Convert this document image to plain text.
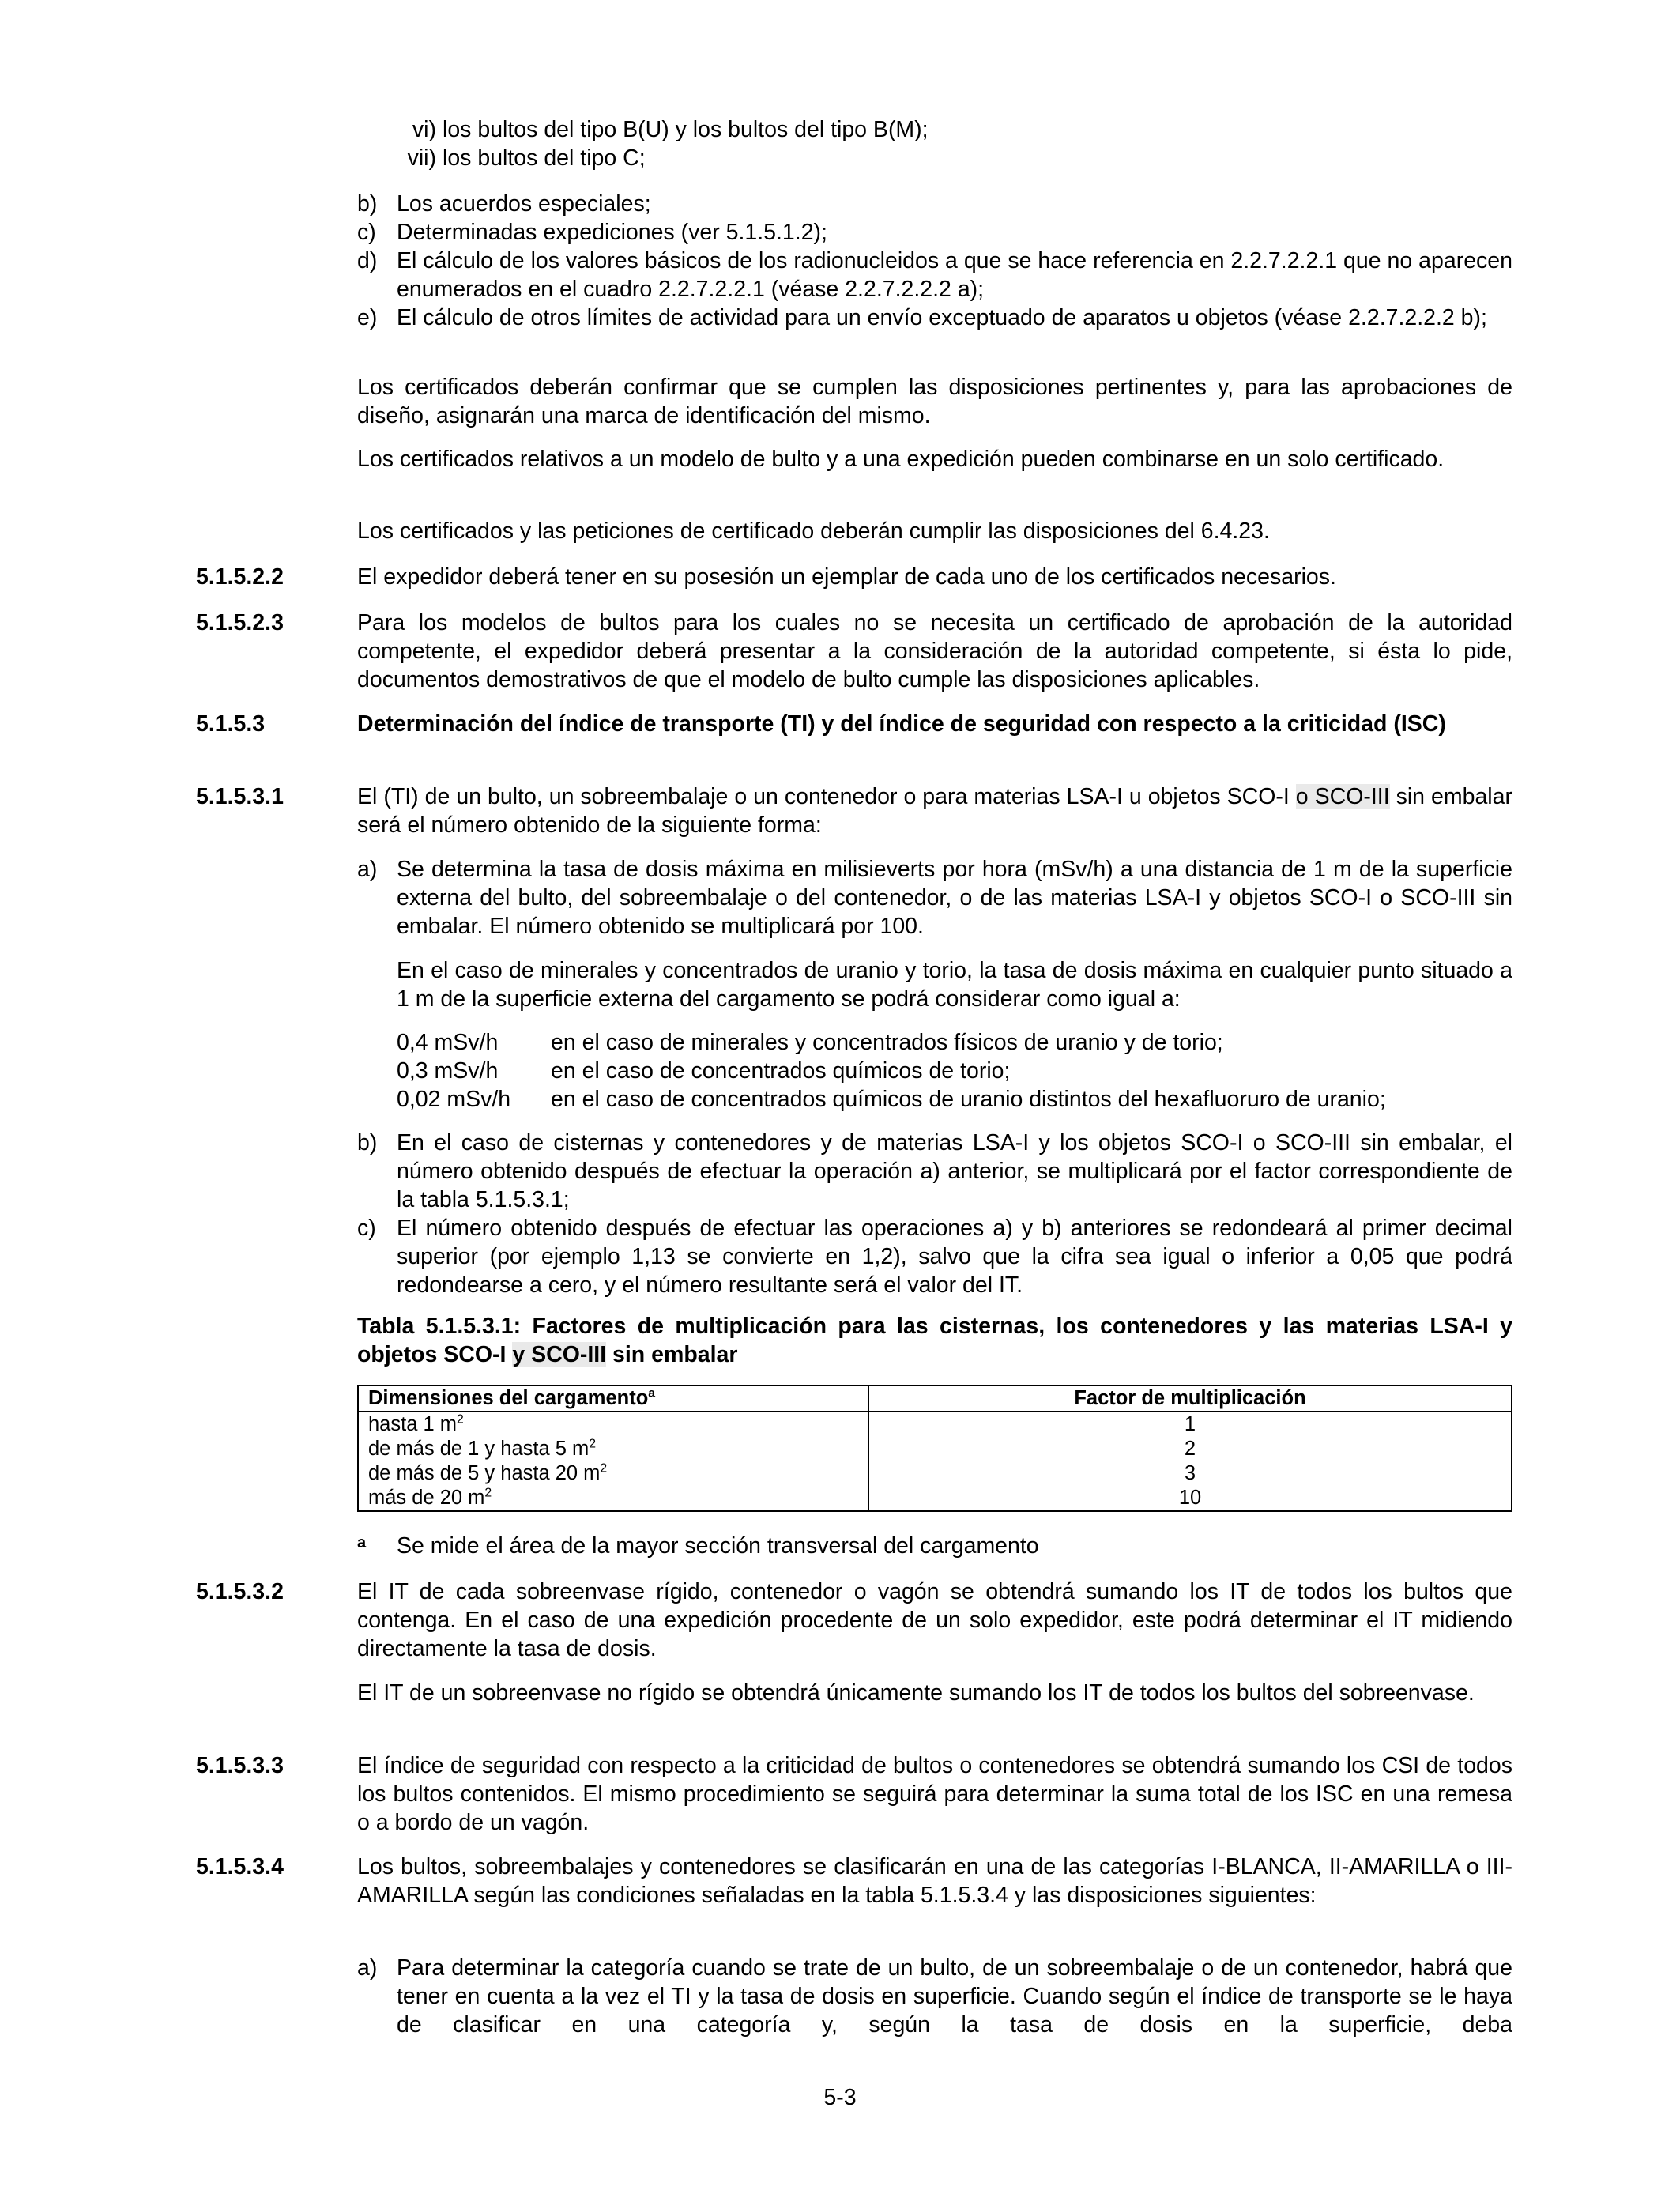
vi) los bultos del tipo B(U) y los bultos del tipo B(M);
vii) los bultos del tipo C;
b) Los acuerdos especiales;
c) Determinadas expediciones (ver 5.1.5.1.2);
d) El cálculo de los valores básicos de los radionucleidos a que se hace referencia en 2.2.7.2.2.1 que no aparecen enumerados en el cuadro 2.2.7.2.2.1 (véase 2.2.7.2.2.2 a);
e) El cálculo de otros límites de actividad para un envío exceptuado de aparatos u objetos (véase 2.2.7.2.2.2 b);

Los certificados deberán confirmar que se cumplen las disposiciones pertinentes y, para las aprobaciones de diseño, asignarán una marca de identificación del mismo.

Los certificados relativos a un modelo de bulto y a una expedición pueden combinarse en un solo certificado.

Los certificados y las peticiones de certificado deberán cumplir las disposiciones del 6.4.23.

5.1.5.2.2	El expedidor deberá tener en su posesión un ejemplar de cada uno de los certificados necesarios.

5.1.5.2.3	Para los modelos de bultos para los cuales no se necesita un certificado de aprobación de la autoridad competente, el expedidor deberá presentar a la consideración de la autoridad competente, si ésta lo pide, documentos demostrativos de que el modelo de bulto cumple las disposiciones aplicables.

5.1.5.3	Determinación del índice de transporte (TI) y del índice de seguridad con respecto a la criticidad (ISC)

5.1.5.3.1	El (TI) de un bulto, un sobreembalaje o un contenedor o para materias LSA-I u objetos SCO-I o SCO-III sin embalar será el número obtenido de la siguiente forma:

a) Se determina la tasa de dosis máxima en milisieverts por hora (mSv/h) a una distancia de 1 m de la superficie externa del bulto, del sobreembalaje o del contenedor, o de las materias LSA-I y objetos SCO-I o SCO-III sin embalar. El número obtenido se multiplicará por 100.

En el caso de minerales y concentrados de uranio y torio, la tasa de dosis máxima en cualquier punto situado a 1 m de la superficie externa del cargamento se podrá considerar como igual a:

0,4 mSv/h	en el caso de minerales y concentrados físicos de uranio y de torio;
0,3 mSv/h	en el caso de concentrados químicos de torio;
0,02 mSv/h	en el caso de concentrados químicos de uranio distintos del hexafluoruro de uranio;
b) En el caso de cisternas y contenedores y de materias LSA-I y los objetos SCO-I o SCO-III sin embalar, el número obtenido después de efectuar la operación a) anterior, se multiplicará por el factor correspondiente de la tabla 5.1.5.3.1;
c) El número obtenido después de efectuar las operaciones a) y b) anteriores se redondeará al primer decimal superior (por ejemplo 1,13 se convierte en 1,2), salvo que la cifra sea igual o inferior a 0,05 que podrá redondearse a cero, y el número resultante será el valor del IT.

Tabla 5.1.5.3.1: Factores de multiplicación para las cisternas, los contenedores y las materias LSA-I y objetos SCO-I y SCO-III sin embalar

Dimensiones del cargamento$^a$	Factor de multiplicación
hasta 1 $m^2$	1
de más de 1 y hasta 5 $m^2$	2
de más de 5 y hasta 20 $m^2$	3
más de 20 $m^2$	10
a	Se mide el área de la mayor sección transversal del cargamento
5.1.5.3.2	El IT de cada sobreenvase rígido, contenedor o vagón se obtendrá sumando los IT de todos los bultos que contenga. En el caso de una expedición procedente de un solo expedidor, este podrá determinar el IT midiendo directamente la tasa de dosis.

El IT de un sobreenvase no rígido se obtendrá únicamente sumando los IT de todos los bultos del sobreenvase.

5.1.5.3.3	El índice de seguridad con respecto a la criticidad de bultos o contenedores se obtendrá sumando los CSI de todos los bultos contenidos. El mismo procedimiento se seguirá para determinar la suma total de los ISC en una remesa o a bordo de un vagón.

5.1.5.3.4	Los bultos, sobreembalajes y contenedores se clasificarán en una de las categorías I-BLANCA, II-AMARILLA o III-AMARILLA según las condiciones señaladas en la tabla 5.1.5.3.4 y las disposiciones siguientes:

a) Para determinar la categoría cuando se trate de un bulto, de un sobreembalaje o de un contenedor, habrá que tener en cuenta a la vez el TI y la tasa de dosis en superficie. Cuando según el índice de transporte se le haya de clasificar en una categoría y, según la tasa de dosis en la superficie, deba
5-3
